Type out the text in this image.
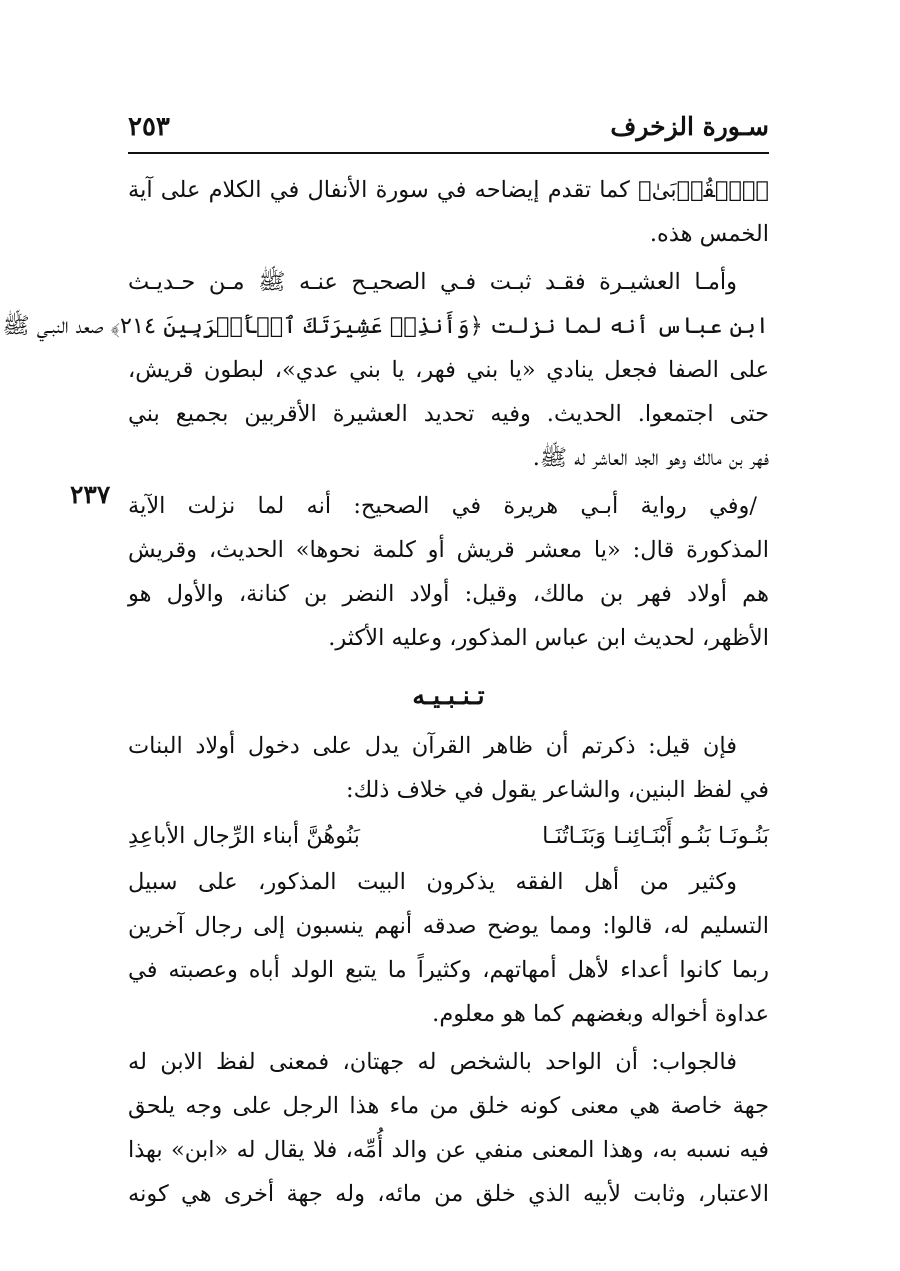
سـورة الزخرف
٢٥٣
٢٣٧

﴿ٱلۡقُرۡبَىٰ﴾ كما تقدم إيضاحه في سورة الأنفال في الكلام على آية
الخمس هذه.

وأمـا العشيـرة فقـد ثبـت فـي الصحيـح عنـه ﷺ مـن حـديـث
ابن عباس أنه لما نزلت ﴿وَأَنذِرۡ عَشِيرَتَكَ ٱلۡأَقۡرَبِينَ ٢١٤﴾ صعد النبـي ﷺ
على الصفا فجعل ينادي «يا بني فهر، يا بني عدي»، لبطون قريش،
حتى اجتمعوا. الحديث. وفيه تحديد العشيرة الأقربين بجميع بني
فهر بن مالك وهو الجد العاشر له ﷺ.

/وفي رواية أبـي هريرة في الصحيح: أنه لما نزلت الآية
المذكورة قال: «يا معشر قريش أو كلمة نحوها» الحديث، وقريش
هم أولاد فهر بن مالك، وقيل: أولاد النضر بن كنانة، والأول هو
الأظهر، لحديث ابن عباس المذكور، وعليه الأكثر.

تـنـبـيـه

فإن قيل: ذكرتم أن ظاهر القرآن يدل على دخول أولاد البنات
في لفظ البنين، والشاعر يقول في خلاف ذلك:

بَنُـونَـا بَنُـو أَبْنَـائِنـا وَبَنَـاتُنَـا
بَنُوهُنَّ أبناء الرِّجال الأباعِدِ

وكثير من أهل الفقه يذكرون البيت المذكور، على سبيل
التسليم له، قالوا: ومما يوضح صدقه أنهم ينسبون إلى رجال آخرين
ربما كانوا أعداء لأهل أمهاتهم، وكثيراً ما يتبع الولد أباه وعصبته في
عداوة أخواله وبغضهم كما هو معلوم.

فالجواب: أن الواحد بالشخص له جهتان، فمعنى لفظ الابن له
جهة خاصة هي معنى كونه خلق من ماء هذا الرجل على وجه يلحق
فيه نسبه به، وهذا المعنى منفي عن والد أُمِّه، فلا يقال له «ابن» بهذا
الاعتبار، وثابت لأبيه الذي خلق من مائه، وله جهة أخرى هي كونه
